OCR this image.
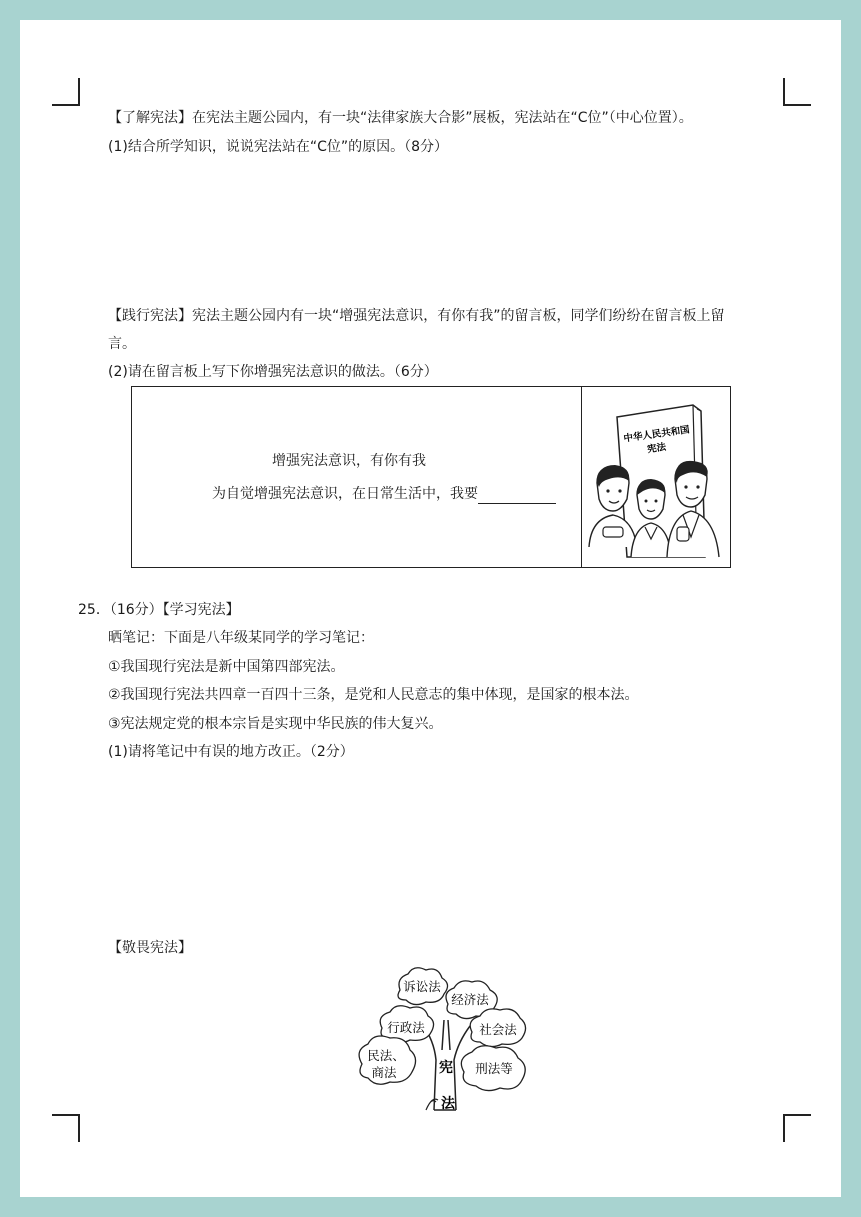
【了解宪法】在宪法主题公园内，有一块“法律家族大合影”展板，宪法站在“C位”（中心位置）。
(1)结合所学知识，说说宪法站在“C位”的原因。（8分）
【践行宪法】宪法主题公园内有一块“增强宪法意识，有你有我”的留言板，同学们纷纷在留言板上留
言。
(2)请在留言板上写下你增强宪法意识的做法。（6分）
增强宪法意识，有你有我
为自觉增强宪法意识，在日常生活中，我要
中华人民共和国
宪法
25．（16分）【学习宪法】
晒笔记：下面是八年级某同学的学习笔记：
①我国现行宪法是新中国第四部宪法。
②我国现行宪法共四章一百四十三条，是党和人民意志的集中体现，是国家的根本法。
③宪法规定党的根本宗旨是实现中华民族的伟大复兴。
(1)请将笔记中有误的地方改正。（2分）
【敬畏宪法】
诉讼法
经济法
行政法	社会法
民法、
商法	刑法等
宪
法
